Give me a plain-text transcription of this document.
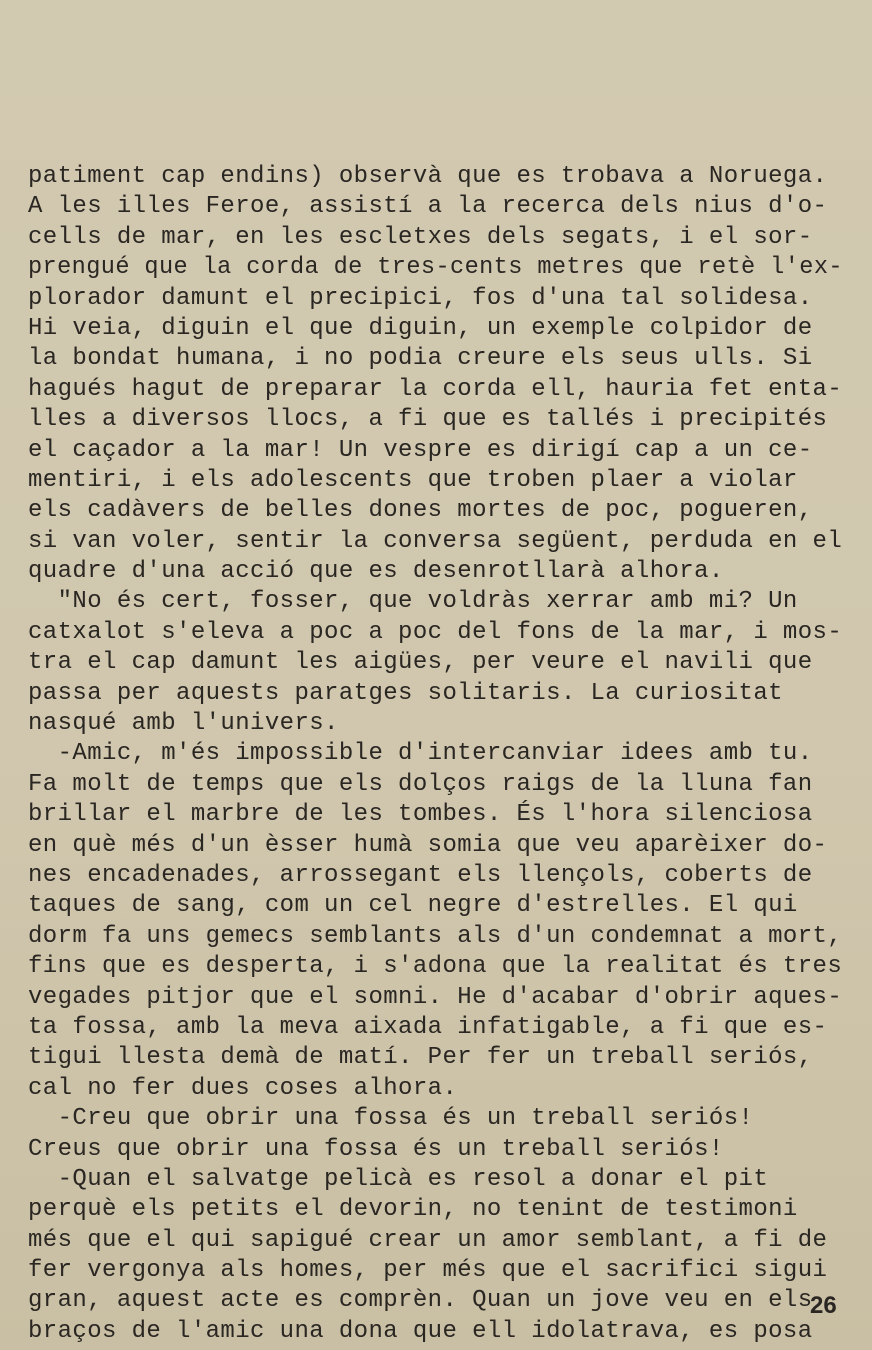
patiment cap endins) observà que es trobava a Noruega.
A les illes Feroe, assistí a la recerca dels nius d'o-
cells de mar, en les escletxes dels segats, i el sor-
prengué que la corda de tres-cents metres que retè l'ex-
plorador damunt el precipici, fos d'una tal solidesa.
Hi veia, diguin el que diguin, un exemple colpidor de
la bondat humana, i no podia creure els seus ulls. Si
hagués hagut de preparar la corda ell, hauria fet enta-
lles a diversos llocs, a fi que es tallés i precipités
el caçador a la mar! Un vespre es dirigí cap a un ce-
mentiri, i els adolescents que troben plaer a violar
els cadàvers de belles dones mortes de poc, pogueren,
si van voler, sentir la conversa següent, perduda en el
quadre d'una acció que es desenrotllarà alhora.
"No és cert, fosser, que voldràs xerrar amb mi? Un
catxalot s'eleva a poc a poc del fons de la mar, i mos-
tra el cap damunt les aigües, per veure el navili que
passa per aquests paratges solitaris. La curiositat
nasqué amb l'univers.
-Amic, m'és impossible d'intercanviar idees amb tu.
Fa molt de temps que els dolços raigs de la lluna fan
brillar el marbre de les tombes. És l'hora silenciosa
en què més d'un èsser humà somia que veu aparèixer do-
nes encadenades, arrossegant els llençols, coberts de
taques de sang, com un cel negre d'estrelles. El qui
dorm fa uns gemecs semblants als d'un condemnat a mort,
fins que es desperta, i s'adona que la realitat és tres
vegades pitjor que el somni. He d'acabar d'obrir aques-
ta fossa, amb la meva aixada infatigable, a fi que es-
tigui llesta demà de matí. Per fer un treball seriós,
cal no fer dues coses alhora.
-Creu que obrir una fossa és un treball seriós!
Creus que obrir una fossa és un treball seriós!
-Quan el salvatge pelicà es resol a donar el pit
perquè els petits el devorin, no tenint de testimoni
més que el qui sapigué crear un amor semblant, a fi de
fer vergonya als homes, per més que el sacrifici sigui
gran, aquest acte es comprèn. Quan un jove veu en els
braços de l'amic una dona que ell idolatrava, es posa
26
